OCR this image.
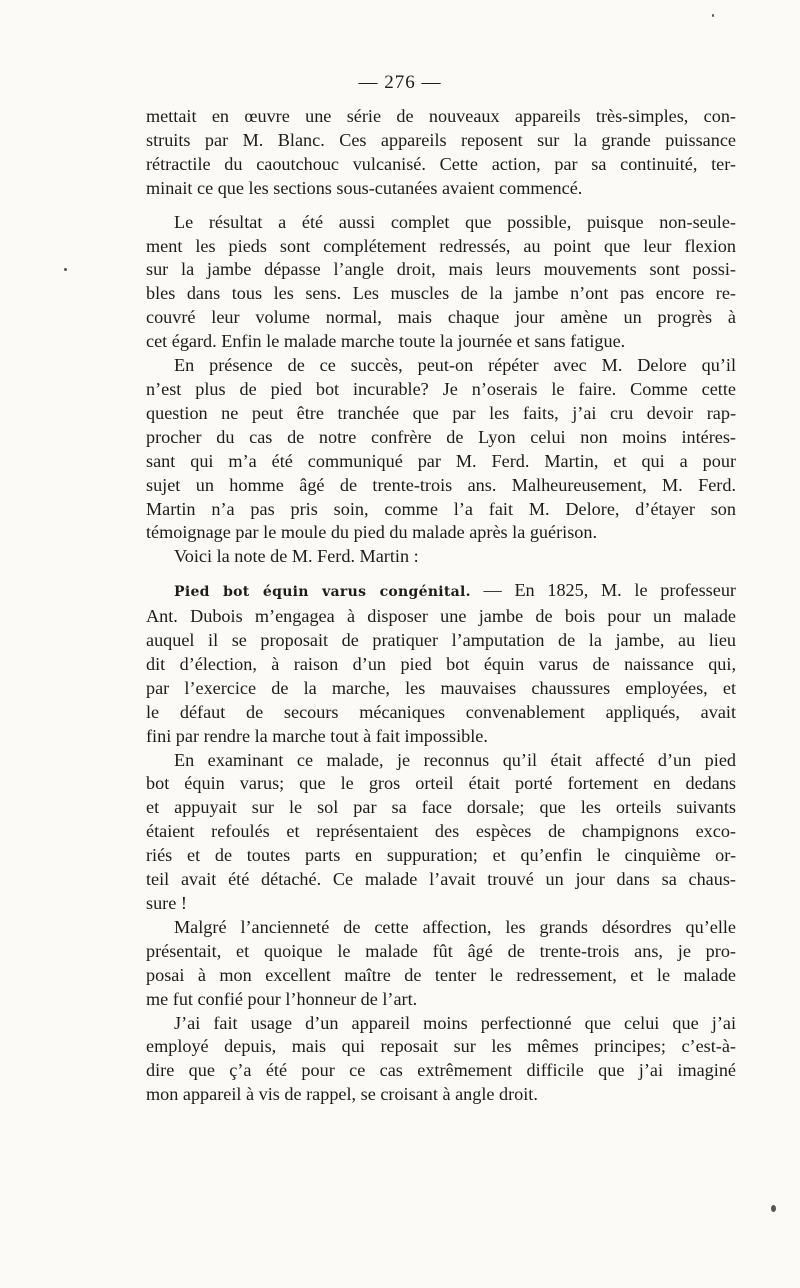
— 276 —
mettait en œuvre une série de nouveaux appareils très-simples, con-
struits par M. Blanc. Ces appareils reposent sur la grande puissance
rétractile du caoutchouc vulcanisé. Cette action, par sa continuité, ter-
minait ce que les sections sous-cutanées avaient commencé.
Le résultat a été aussi complet que possible, puisque non-seule-
ment les pieds sont complétement redressés, au point que leur flexion
sur la jambe dépasse l’angle droit, mais leurs mouvements sont possi-
bles dans tous les sens. Les muscles de la jambe n’ont pas encore re-
couvré leur volume normal, mais chaque jour amène un progrès à
cet égard. Enfin le malade marche toute la journée et sans fatigue.
En présence de ce succès, peut-on répéter avec M. Delore qu’il
n’est plus de pied bot incurable? Je n’oserais le faire. Comme cette
question ne peut être tranchée que par les faits, j’ai cru devoir rap-
procher du cas de notre confrère de Lyon celui non moins intéres-
sant qui m’a été communiqué par M. Ferd. Martin, et qui a pour
sujet un homme âgé de trente-trois ans. Malheureusement, M. Ferd.
Martin n’a pas pris soin, comme l’a fait M. Delore, d’étayer son
témoignage par le moule du pied du malade après la guérison.
Voici la note de M. Ferd. Martin :
Pied bot équin varus congénital. — En 1825, M. le professeur
Ant. Dubois m’engagea à disposer une jambe de bois pour un malade
auquel il se proposait de pratiquer l’amputation de la jambe, au lieu
dit d’élection, à raison d’un pied bot équin varus de naissance qui,
par l’exercice de la marche, les mauvaises chaussures employées, et
le défaut de secours mécaniques convenablement appliqués, avait
fini par rendre la marche tout à fait impossible.
En examinant ce malade, je reconnus qu’il était affecté d’un pied
bot équin varus; que le gros orteil était porté fortement en dedans
et appuyait sur le sol par sa face dorsale; que les orteils suivants
étaient refoulés et représentaient des espèces de champignons exco-
riés et de toutes parts en suppuration; et qu’enfin le cinquième or-
teil avait été détaché. Ce malade l’avait trouvé un jour dans sa chaus-
sure !
Malgré l’ancienneté de cette affection, les grands désordres qu’elle
présentait, et quoique le malade fût âgé de trente-trois ans, je pro-
posai à mon excellent maître de tenter le redressement, et le malade
me fut confié pour l’honneur de l’art.
J’ai fait usage d’un appareil moins perfectionné que celui que j’ai
employé depuis, mais qui reposait sur les mêmes principes; c’est-à-
dire que ç’a été pour ce cas extrêmement difficile que j’ai imaginé
mon appareil à vis de rappel, se croisant à angle droit.
